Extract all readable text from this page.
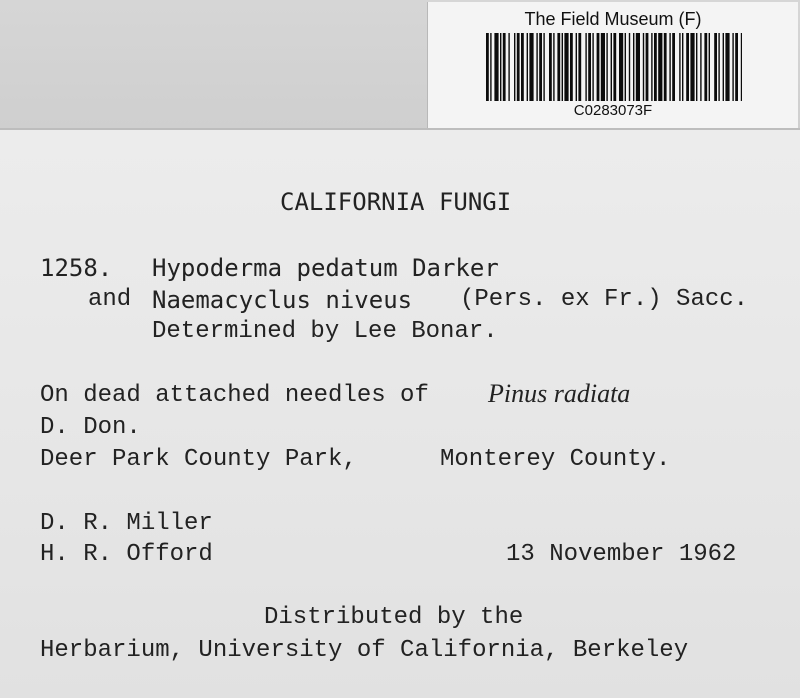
The Field Museum (F)
C0283073F
CALIFORNIA FUNGI
1258. Hypoderma pedatum Darker
and Naemacyclus niveus (Pers. ex Fr.) Sacc.
Determined by Lee Bonar.
On dead attached needles of Pinus radiata
D. Don.
Deer Park County Park,	Monterey County.
D. R. Miller
H. R. Offord	13 November 1962
Distributed by the
Herbarium, University of California, Berkeley
